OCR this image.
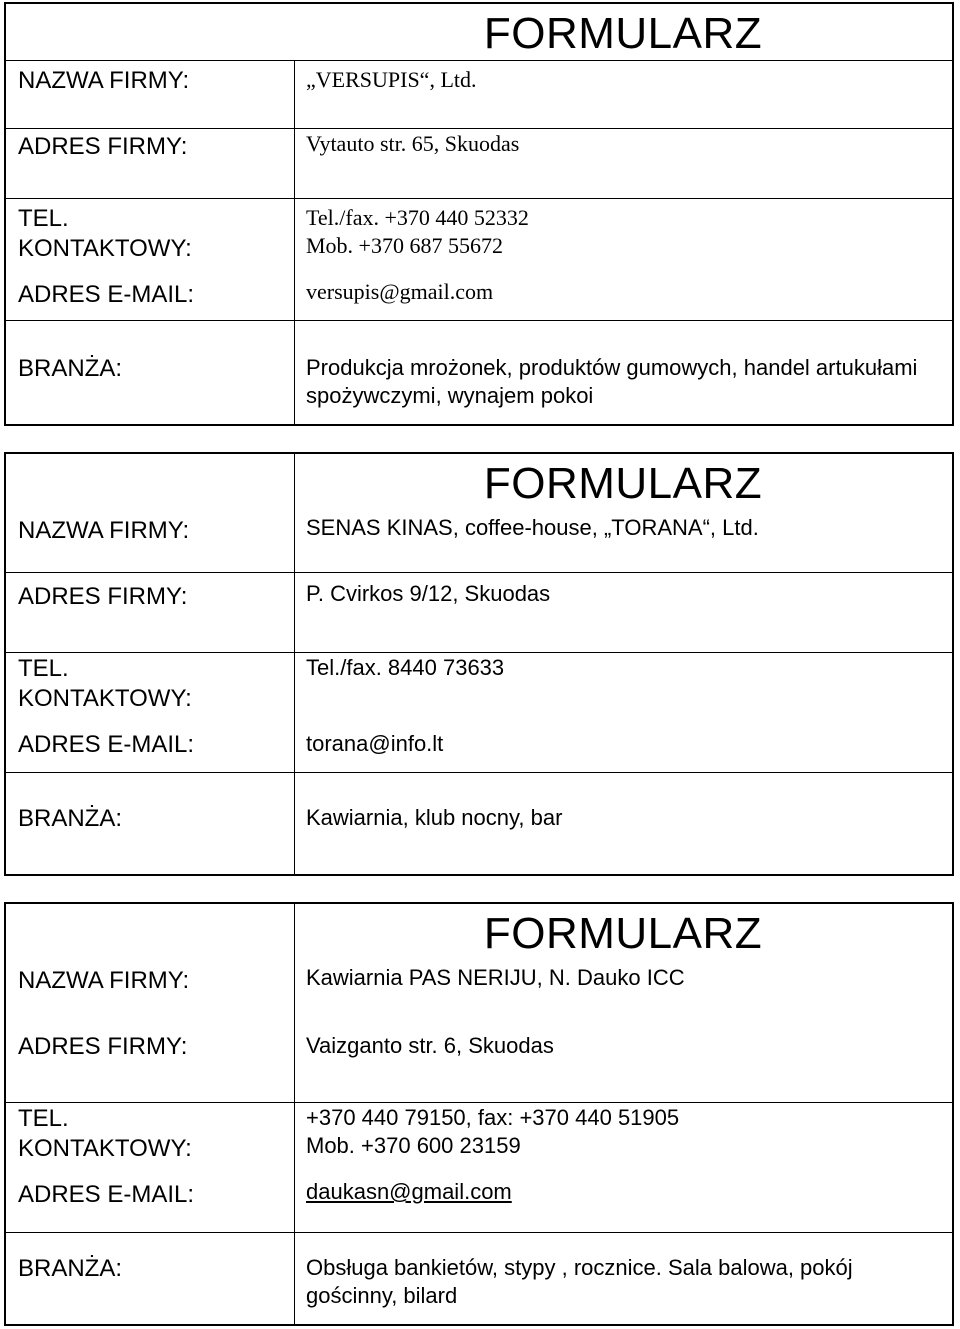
FORMULARZ
NAZWA FIRMY:	„VERSUPIS“, Ltd.
ADRES FIRMY:	Vytauto str. 65, Skuodas
TEL.
KONTAKTOWY:
Tel./fax. +370 440 52332
Mob. +370 687 55672
ADRES E-MAIL:	versupis@gmail.com
BRANŻA:	Produkcja mrożonek, produktów gumowych, handel artukułami
spożywczymi, wynajem pokoi
FORMULARZ
NAZWA FIRMY:	SENAS KINAS, coffee-house, „TORANA“, Ltd.
ADRES FIRMY:	P. Cvirkos 9/12, Skuodas
TEL.
KONTAKTOWY:
Tel./fax. 8440 73633
ADRES E-MAIL:	torana@info.lt
BRANŻA:	Kawiarnia, klub nocny, bar
FORMULARZ
NAZWA FIRMY:	Kawiarnia PAS NERIJU, N. Dauko ICC
ADRES FIRMY:	Vaizganto str. 6, Skuodas
TEL.
KONTAKTOWY:
+370 440 79150, fax: +370 440 51905
Mob. +370 600 23159
ADRES E-MAIL:	daukasn@gmail.com
BRANŻA:	Obsługa bankietów, stypy , rocznice. Sala balowa, pokój
gościnny, bilard
